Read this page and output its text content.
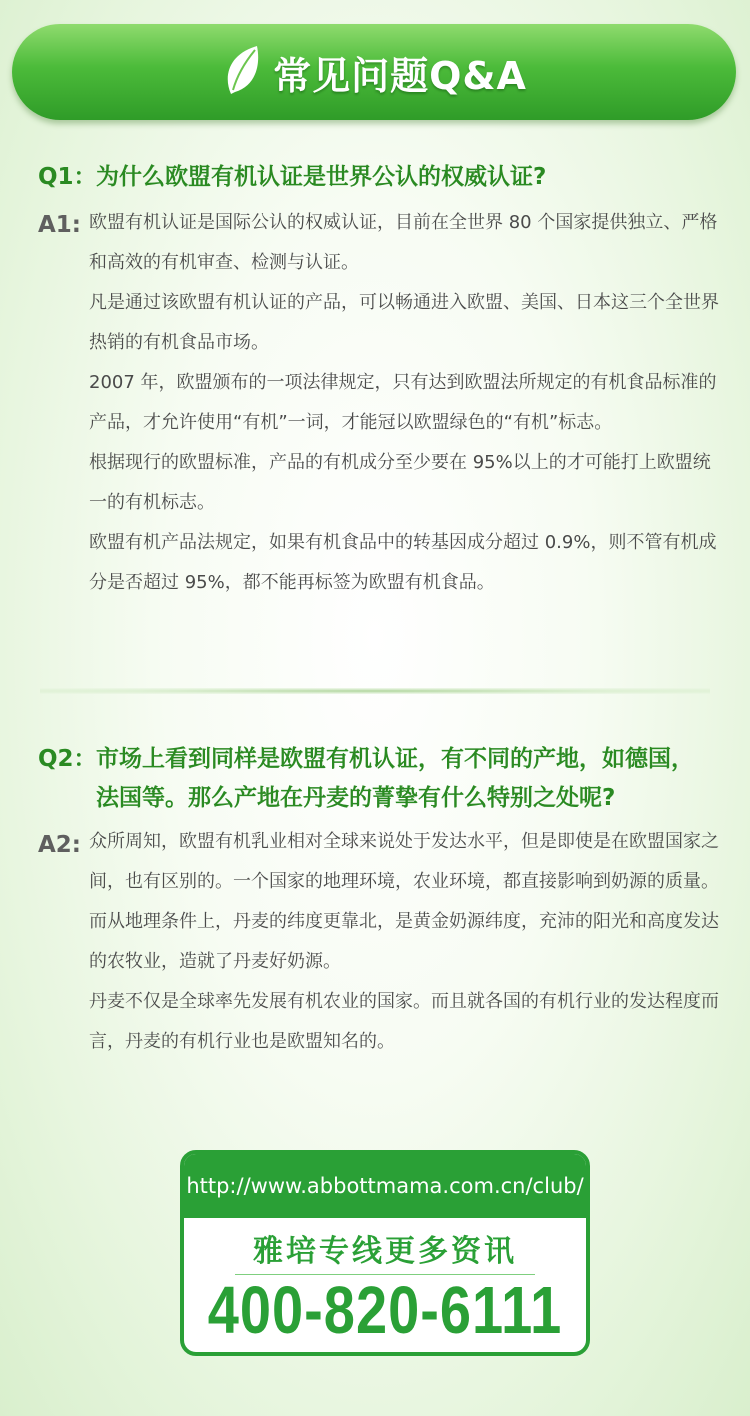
常见问题Q&A
Q1：为什么欧盟有机认证是世界公认的权威认证?
A1: 欧盟有机认证是国际公认的权威认证，目前在全世界 80 个国家提供独立、严格和高效的有机审查、检测与认证。

凡是通过该欧盟有机认证的产品，可以畅通进入欧盟、美国、日本这三个全世界热销的有机食品市场。

2007 年，欧盟颁布的一项法律规定，只有达到欧盟法所规定的有机食品标准的产品，才允许使用“有机”一词，才能冠以欧盟绿色的“有机”标志。

根据现行的欧盟标准，产品的有机成分至少要在 95%以上的才可能打上欧盟统一的有机标志。

欧盟有机产品法规定，如果有机食品中的转基因成分超过 0.9%，则不管有机成分是否超过 95%，都不能再标签为欧盟有机食品。

Q2：市场上看到同样是欧盟有机认证，有不同的产地，如德国，
法国等。那么产地在丹麦的菁挚有什么特别之处呢?
A2: 众所周知，欧盟有机乳业相对全球来说处于发达水平，但是即使是在欧盟国家之间，也有区别的。一个国家的地理环境，农业环境，都直接影响到奶源的质量。

而从地理条件上，丹麦的纬度更靠北，是黄金奶源纬度，充沛的阳光和高度发达的农牧业，造就了丹麦好奶源。

丹麦不仅是全球率先发展有机农业的国家。而且就各国的有机行业的发达程度而言，丹麦的有机行业也是欧盟知名的。

http://www.abbottmama.com.cn/club/
雅培专线更多资讯
400-820-6111
